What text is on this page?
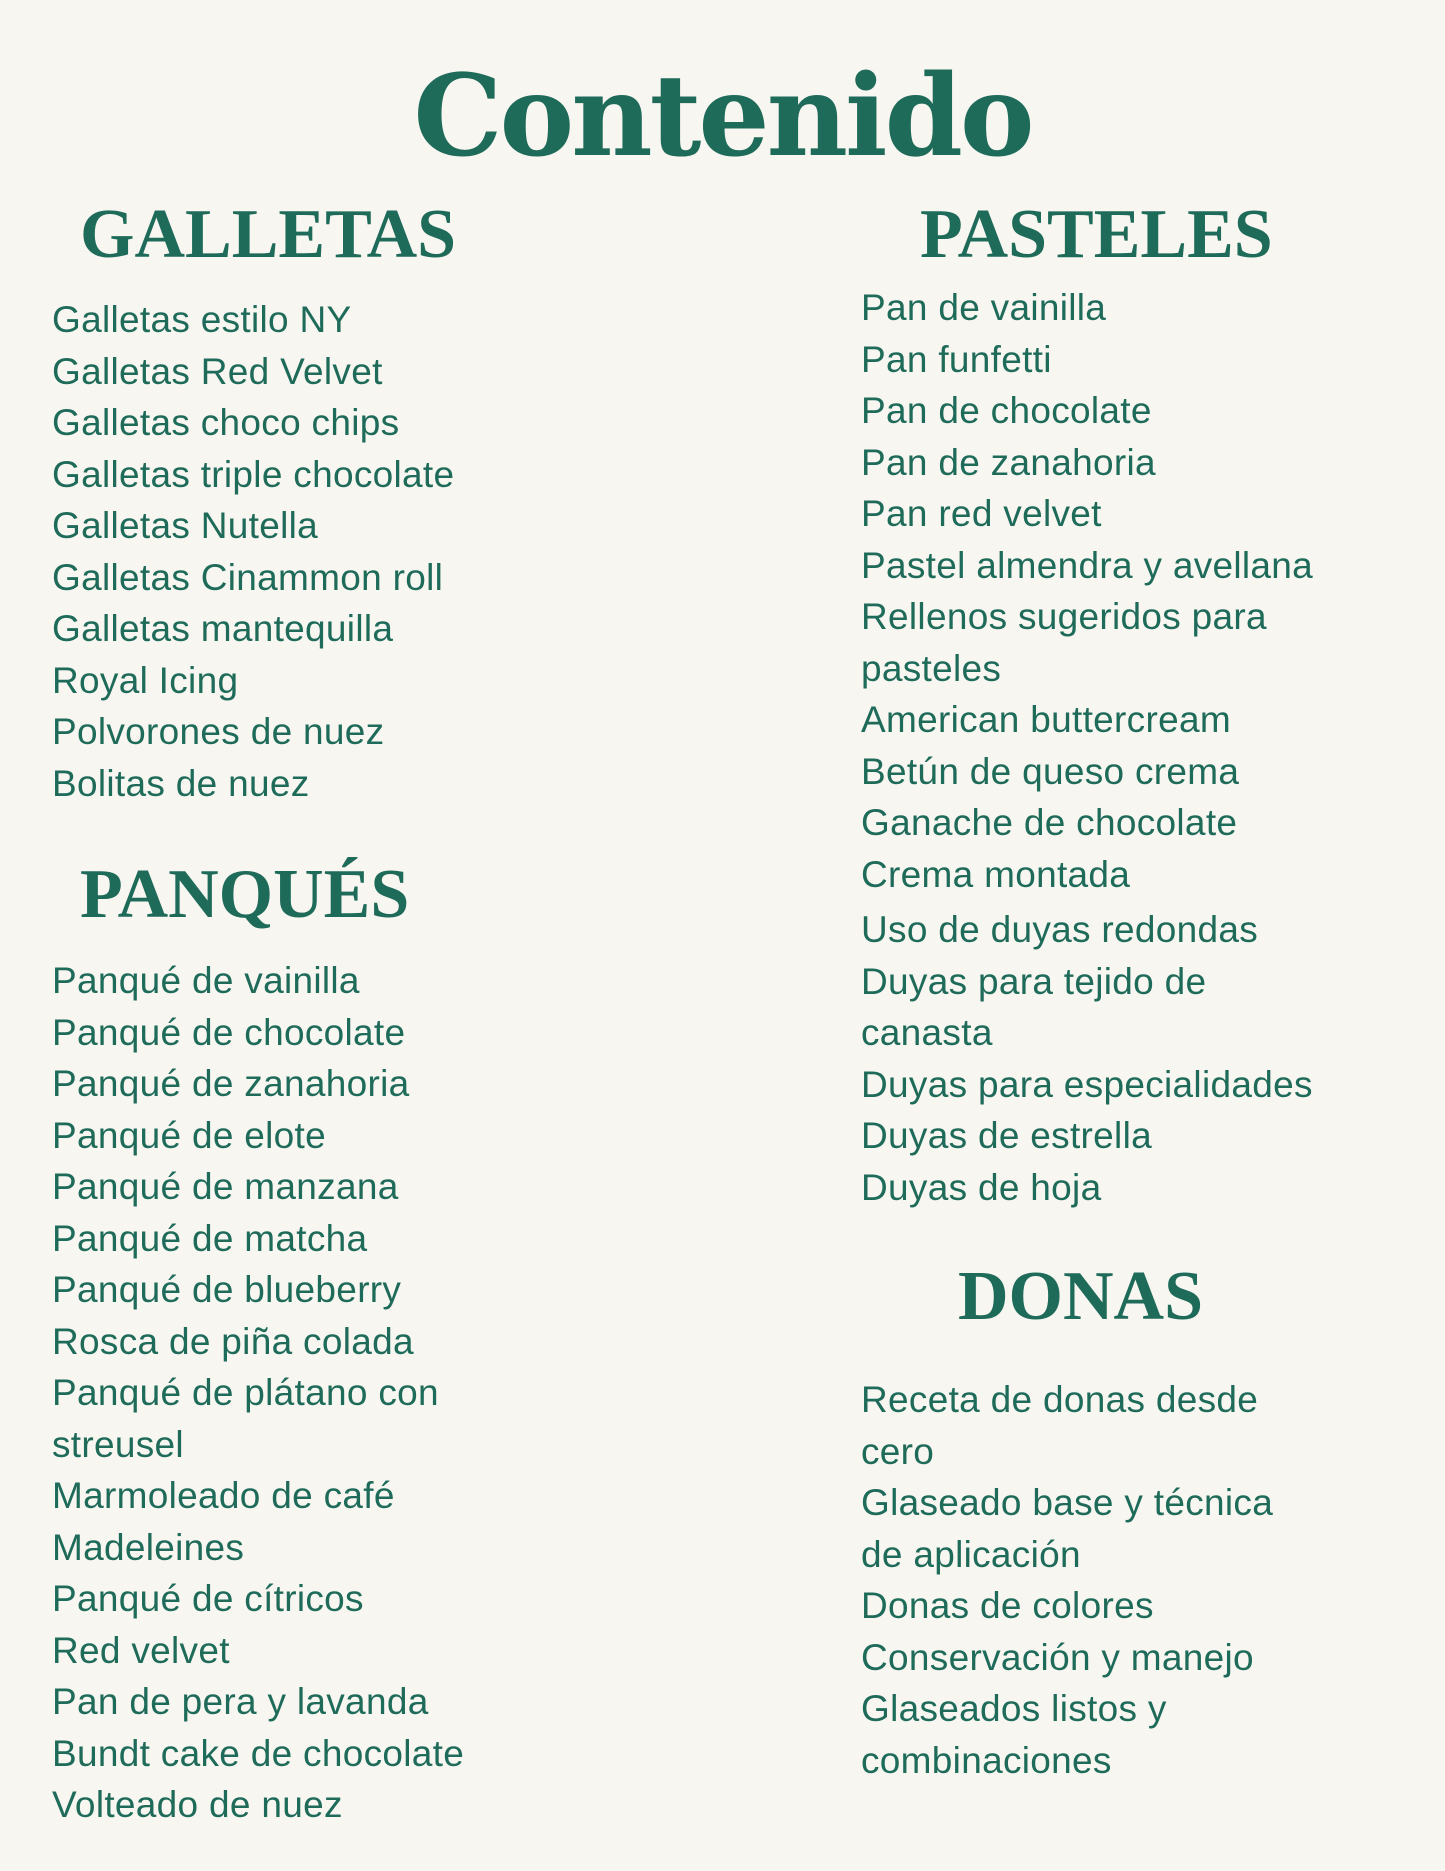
Contenido
GALLETAS
Galletas estilo NY
Galletas Red Velvet
Galletas choco chips
Galletas triple chocolate
Galletas Nutella
Galletas Cinammon roll
Galletas mantequilla
Royal Icing
Polvorones de nuez
Bolitas de nuez
PANQUÉS
Panqué de vainilla
Panqué de chocolate
Panqué de zanahoria
Panqué de elote
Panqué de manzana
Panqué de matcha
Panqué de blueberry
Rosca de piña colada
Panqué de plátano con
streusel
Marmoleado de café
Madeleines
Panqué de cítricos
Red velvet
Pan de pera y lavanda
Bundt cake de chocolate
Volteado de nuez
PASTELES
Pan de vainilla
Pan funfetti
Pan de chocolate
Pan de zanahoria
Pan red velvet
Pastel almendra y avellana
Rellenos sugeridos para
pasteles
American buttercream
Betún de queso crema
Ganache de chocolate
Crema montada
Uso de duyas redondas
Duyas para tejido de
canasta
Duyas para especialidades
Duyas de estrella
Duyas de hoja
DONAS
Receta de donas desde
cero
Glaseado base y técnica
de aplicación
Donas de colores
Conservación y manejo
Glaseados listos y
combinaciones
